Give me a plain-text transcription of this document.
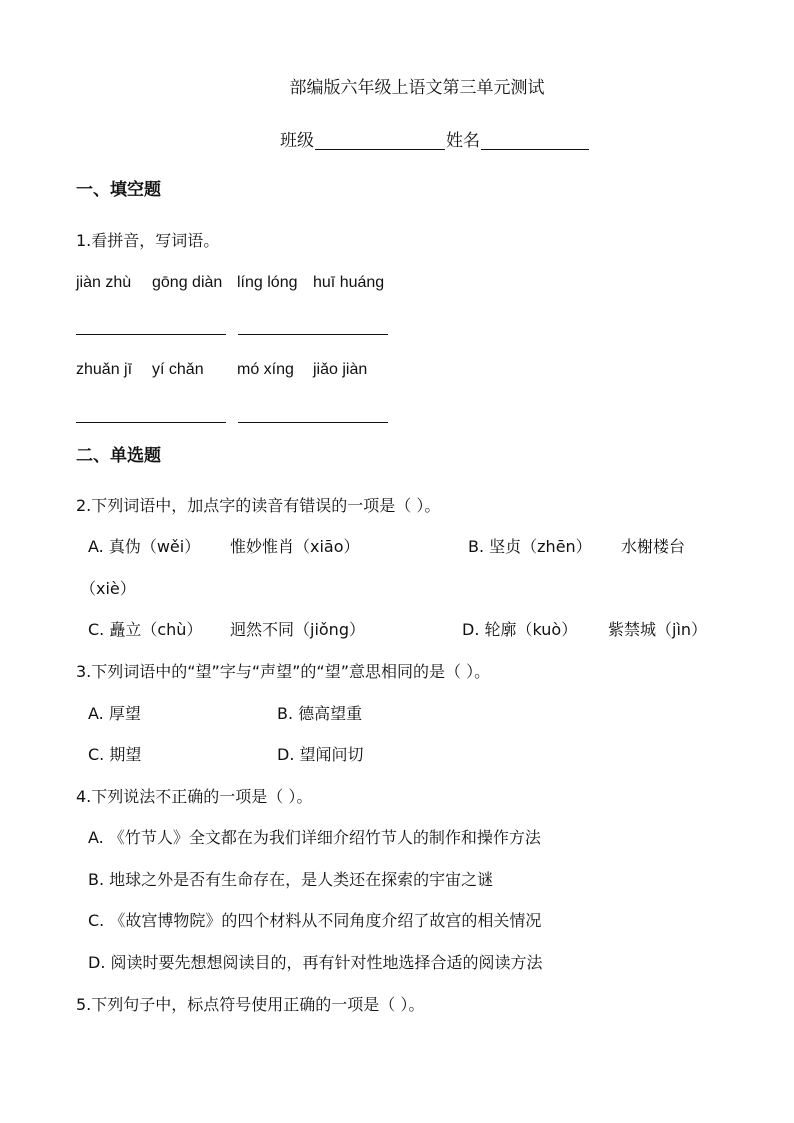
部编版六年级上语文第三单元测试
班级	姓名
一、填空题
1.看拼音，写词语。
jiàn zhù gōng diàn líng lóng huī huáng
zhuǎn jī yí chǎn mó xíng jiǎo jiàn
二、单选题
2.下列词语中，加点字的读音有错误的一项是（ ）。
A. 真伪（wěi） 惟妙惟肖（xiāo）	B. 坚贞（zhēn） 水榭楼台
（xiè）
C. 矗立（chù） 迥然不同（jiǒng）	D. 轮廓（kuò） 紫禁城（jìn）
3.下列词语中的“望”字与“声望”的“望”意思相同的是（ ）。
A. 厚望	B. 德高望重
C. 期望	D. 望闻问切
4.下列说法不正确的一项是（ ）。
A. 《竹节人》全文都在为我们详细介绍竹节人的制作和操作方法
B. 地球之外是否有生命存在，是人类还在探索的宇宙之谜
C. 《故宫博物院》的四个材料从不同角度介绍了故宫的相关情况
D. 阅读时要先想想阅读目的，再有针对性地选择合适的阅读方法
5.下列句子中，标点符号使用正确的一项是（ ）。
